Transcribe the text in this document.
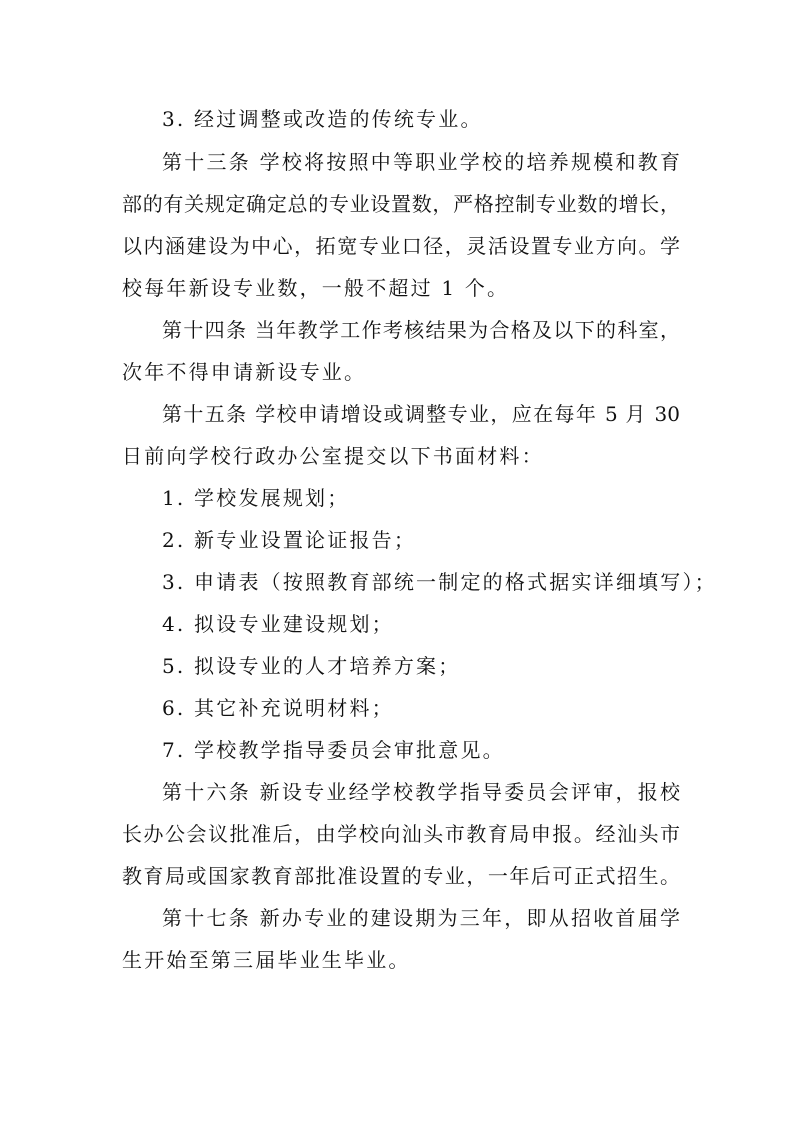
3. 经过调整或改造的传统专业。
第十三条 学校将按照中等职业学校的培养规模和教育
部的有关规定确定总的专业设置数，严格控制专业数的增长，
以内涵建设为中心，拓宽专业口径，灵活设置专业方向。学
校每年新设专业数，一般不超过 1 个。
第十四条 当年教学工作考核结果为合格及以下的科室，
次年不得申请新设专业。
第十五条 学校申请增设或调整专业，应在每年 5 月 30
日前向学校行政办公室提交以下书面材料：
1. 学校发展规划；
2. 新专业设置论证报告；
3. 申请表（按照教育部统一制定的格式据实详细填写）；
4. 拟设专业建设规划；
5. 拟设专业的人才培养方案；
6. 其它补充说明材料；
7. 学校教学指导委员会审批意见。
第十六条 新设专业经学校教学指导委员会评审，报校
长办公会议批准后，由学校向汕头市教育局申报。经汕头市
教育局或国家教育部批准设置的专业，一年后可正式招生。
第十七条 新办专业的建设期为三年，即从招收首届学
生开始至第三届毕业生毕业。
